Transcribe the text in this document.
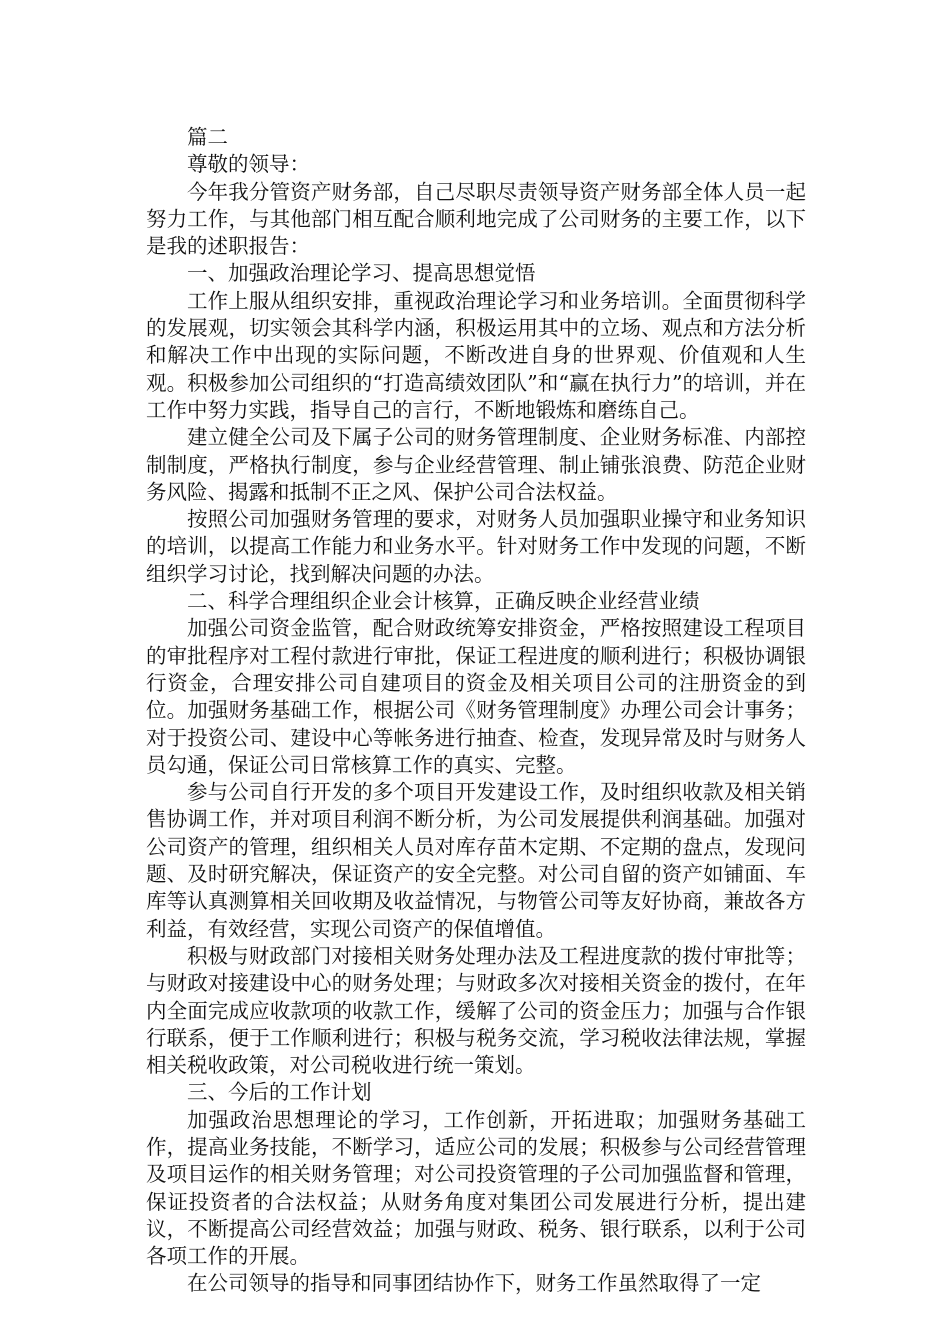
篇二

尊敬的领导：

今年我分管资产财务部，自己尽职尽责领导资产财务部全体人员一起努力工作，与其他部门相互配合顺利地完成了公司财务的主要工作，以下是我的述职报告：

一、加强政治理论学习、提高思想觉悟

工作上服从组织安排，重视政治理论学习和业务培训。全面贯彻科学的发展观，切实领会其科学内涵，积极运用其中的立场、观点和方法分析和解决工作中出现的实际问题，不断改进自身的世界观、价值观和人生观。积极参加公司组织的“打造高绩效团队”和“赢在执行力”的培训，并在工作中努力实践，指导自己的言行，不断地锻炼和磨练自己。

建立健全公司及下属子公司的财务管理制度、企业财务标准、内部控制制度，严格执行制度，参与企业经营管理、制止铺张浪费、防范企业财务风险、揭露和抵制不正之风、保护公司合法权益。

按照公司加强财务管理的要求，对财务人员加强职业操守和业务知识的培训，以提高工作能力和业务水平。针对财务工作中发现的问题，不断组织学习讨论，找到解决问题的办法。

二、科学合理组织企业会计核算，正确反映企业经营业绩

加强公司资金监管，配合财政统筹安排资金，严格按照建设工程项目的审批程序对工程付款进行审批，保证工程进度的顺利进行；积极协调银行资金，合理安排公司自建项目的资金及相关项目公司的注册资金的到位。加强财务基础工作，根据公司《财务管理制度》办理公司会计事务；对于投资公司、建设中心等帐务进行抽查、检查，发现异常及时与财务人员勾通，保证公司日常核算工作的真实、完整。

参与公司自行开发的多个项目开发建设工作，及时组织收款及相关销售协调工作，并对项目利润不断分析，为公司发展提供利润基础。加强对公司资产的管理，组织相关人员对库存苗木定期、不定期的盘点，发现问题、及时研究解决，保证资产的安全完整。对公司自留的资产如铺面、车库等认真测算相关回收期及收益情况，与物管公司等友好协商，兼故各方利益，有效经营，实现公司资产的保值增值。

积极与财政部门对接相关财务处理办法及工程进度款的拨付审批等；与财政对接建设中心的财务处理；与财政多次对接相关资金的拨付，在年内全面完成应收款项的收款工作，缓解了公司的资金压力；加强与合作银行联系，便于工作顺利进行；积极与税务交流，学习税收法律法规，掌握相关税收政策，对公司税收进行统一策划。

三、今后的工作计划

加强政治思想理论的学习，工作创新，开拓进取；加强财务基础工作，提高业务技能，不断学习，适应公司的发展；积极参与公司经营管理及项目运作的相关财务管理；对公司投资管理的子公司加强监督和管理，保证投资者的合法权益；从财务角度对集团公司发展进行分析，提出建议，不断提高公司经营效益；加强与财政、税务、银行联系，以利于公司各项工作的开展。

在公司领导的指导和同事团结协作下，财务工作虽然取得了一定
